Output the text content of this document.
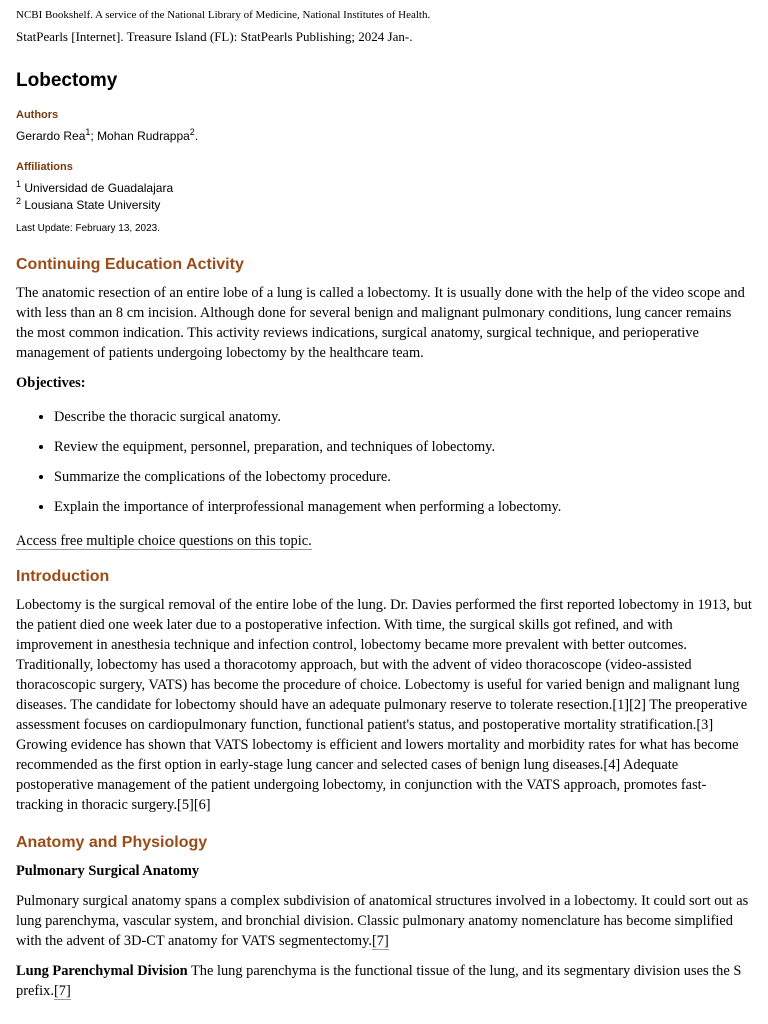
NCBI Bookshelf. A service of the National Library of Medicine, National Institutes of Health.

StatPearls [Internet]. Treasure Island (FL): StatPearls Publishing; 2024 Jan-.

Lobectomy

Authors

Gerardo Rea$^1$; Mohan Rudrappa$^2$.

Affiliations

$^1$ Universidad de Guadalajara

$^2$ Lousiana State University

Last Update: February 13, 2023.

Continuing Education Activity

The anatomic resection of an entire lobe of a lung is called a lobectomy. It is usually done with the help of the video scope and with less than an 8 cm incision. Although done for several benign and malignant pulmonary conditions, lung cancer remains the most common indication. This activity reviews indications, surgical anatomy, surgical technique, and perioperative management of patients undergoing lobectomy by the healthcare team.

Objectives:

• Describe the thoracic surgical anatomy.
• Review the equipment, personnel, preparation, and techniques of lobectomy.
• Summarize the complications of the lobectomy procedure.
• Explain the importance of interprofessional management when performing a lobectomy.

Access free multiple choice questions on this topic.

Introduction

Lobectomy is the surgical removal of the entire lobe of the lung. Dr. Davies performed the first reported lobectomy in 1913, but the patient died one week later due to a postoperative infection. With time, the surgical skills got refined, and with improvement in anesthesia technique and infection control, lobectomy became more prevalent with better outcomes. Traditionally, lobectomy has used a thoracotomy approach, but with the advent of video thoracoscope (video-assisted thoracoscopic surgery, VATS) has become the procedure of choice. Lobectomy is useful for varied benign and malignant lung diseases. The candidate for lobectomy should have an adequate pulmonary reserve to tolerate resection.[1][2] The preoperative assessment focuses on cardiopulmonary function, functional patient's status, and postoperative mortality stratification.[3] Growing evidence has shown that VATS lobectomy is efficient and lowers mortality and morbidity rates for what has become recommended as the first option in early-stage lung cancer and selected cases of benign lung diseases.[4] Adequate postoperative management of the patient undergoing lobectomy, in conjunction with the VATS approach, promotes fast-tracking in thoracic surgery.[5][6]

Anatomy and Physiology
Pulmonary Surgical Anatomy

Pulmonary surgical anatomy spans a complex subdivision of anatomical structures involved in a lobectomy. It could sort out as lung parenchyma, vascular system, and bronchial division. Classic pulmonary anatomy nomenclature has become simplified with the advent of 3D-CT anatomy for VATS segmentectomy.[7]

Lung Parenchymal Division The lung parenchyma is the functional tissue of the lung, and its segmentary division uses the S prefix.[7]
